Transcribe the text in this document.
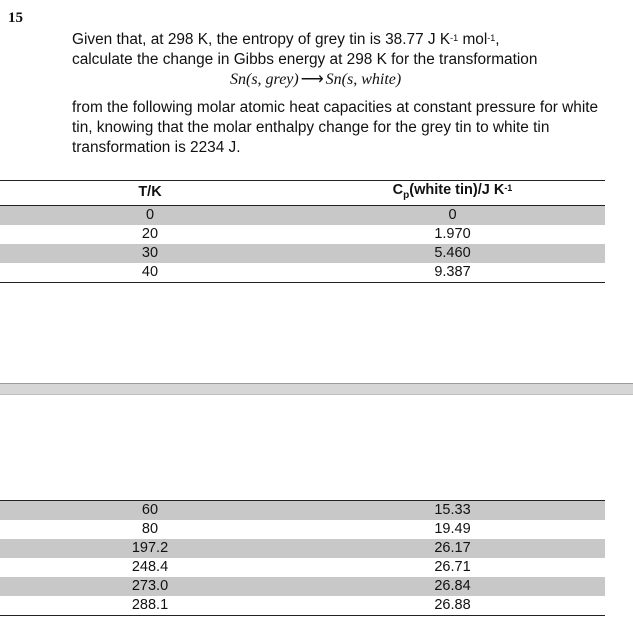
15
Given that, at 298 K, the entropy of grey tin is 38.77 J $K^{-1}$ mol$^{-1}$,
calculate the change in Gibbs energy at 298 K for the transformation
Sn(s, grey) ⟶ Sn(s, white)
from the following molar atomic heat capacities at constant pressure for white tin, knowing that the molar enthalpy change for the grey tin to white tin transformation is 2234 J.
T/K	$C_p(white$ tin)/J $K^{-1}$
0	0
20	1.970
30	5.460
40	9.387
60	15.33
80	19.49
197.2	26.17
248.4	26.71
273.0	26.84
288.1	26.88
